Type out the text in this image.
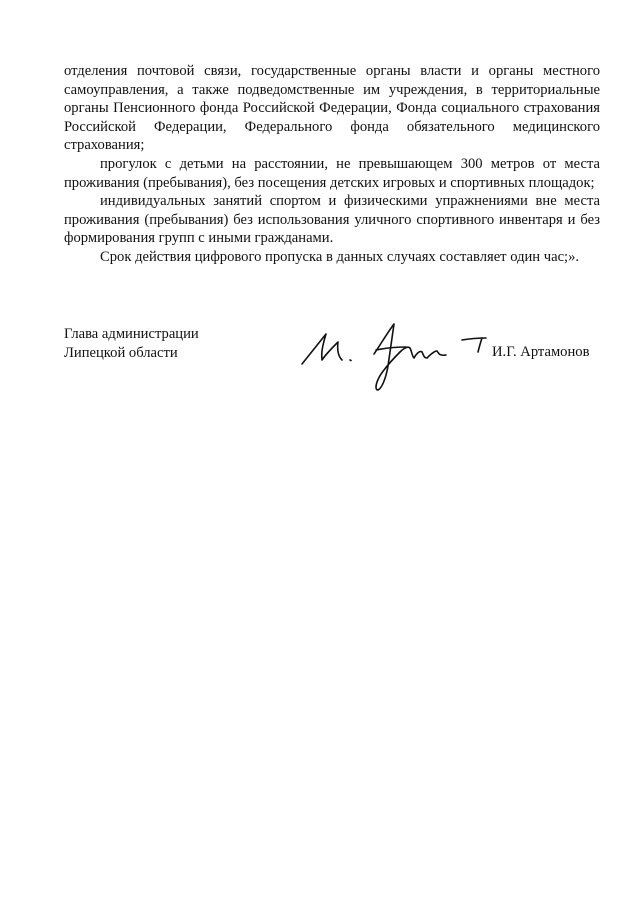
отделения почтовой связи, государственные органы власти и органы местного самоуправления, а также подведомственные им учреждения, в территориальные органы Пенсионного фонда Российской Федерации, Фонда социального страхования Российской Федерации, Федерального фонда обязательного медицинского страхования;

прогулок с детьми на расстоянии, не превышающем 300 метров от места проживания (пребывания), без посещения детских игровых и спортивных площадок;

индивидуальных занятий спортом и физическими упражнениями вне места проживания (пребывания) без использования уличного спортивного инвентаря и без формирования групп с иными гражданами.

Срок действия цифрового пропуска в данных случаях составляет один час;».

Глава администрации
Липецкой области	И.Г. Артамонов
